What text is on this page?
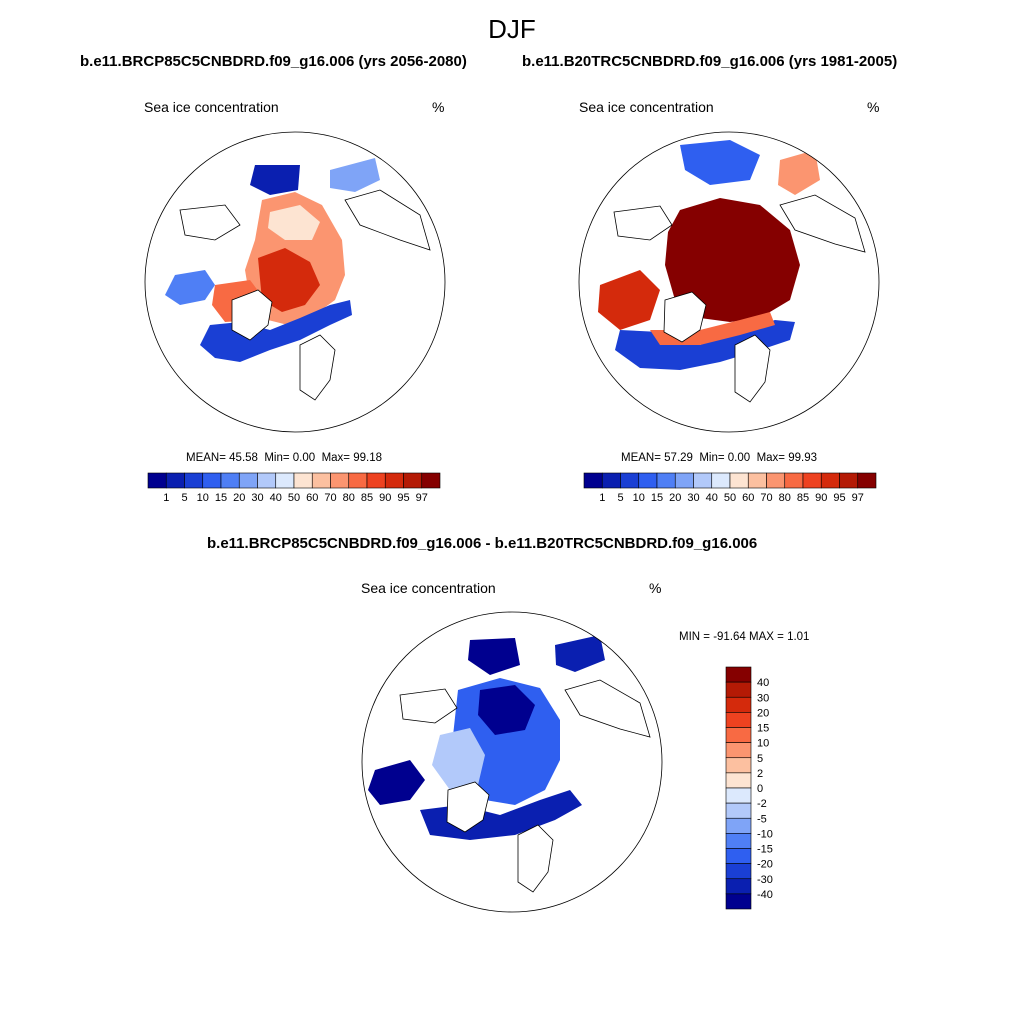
DJF
b.e11.BRCP85C5CNBDRD.f09_g16.006 (yrs 2056-2080)	b.e11.B20TRC5CNBDRD.f09_g16.006 (yrs 1981-2005)
b.e11.BRCP85C5CNBDRD.f09_g16.006 - b.e11.B20TRC5CNBDRD.f09_g16.006
Sea ice concentration	%	Sea ice concentration	%
Sea ice concentration	%
MEAN= 45.58 Min= 0.00 Max= 99.18	MEAN= 57.29 Min= 0.00 Max= 99.93
MIN = -91.64 MAX = 1.01
1 5 10 15 20 30 40 50 60 70 80 85 90 95 97	1 5 10 15 20 30 40 50 60 70 80 85 90 95 97
40
30
20
15
10
5
2
0
-2
-5
-10
-15
-20
-30
-40
